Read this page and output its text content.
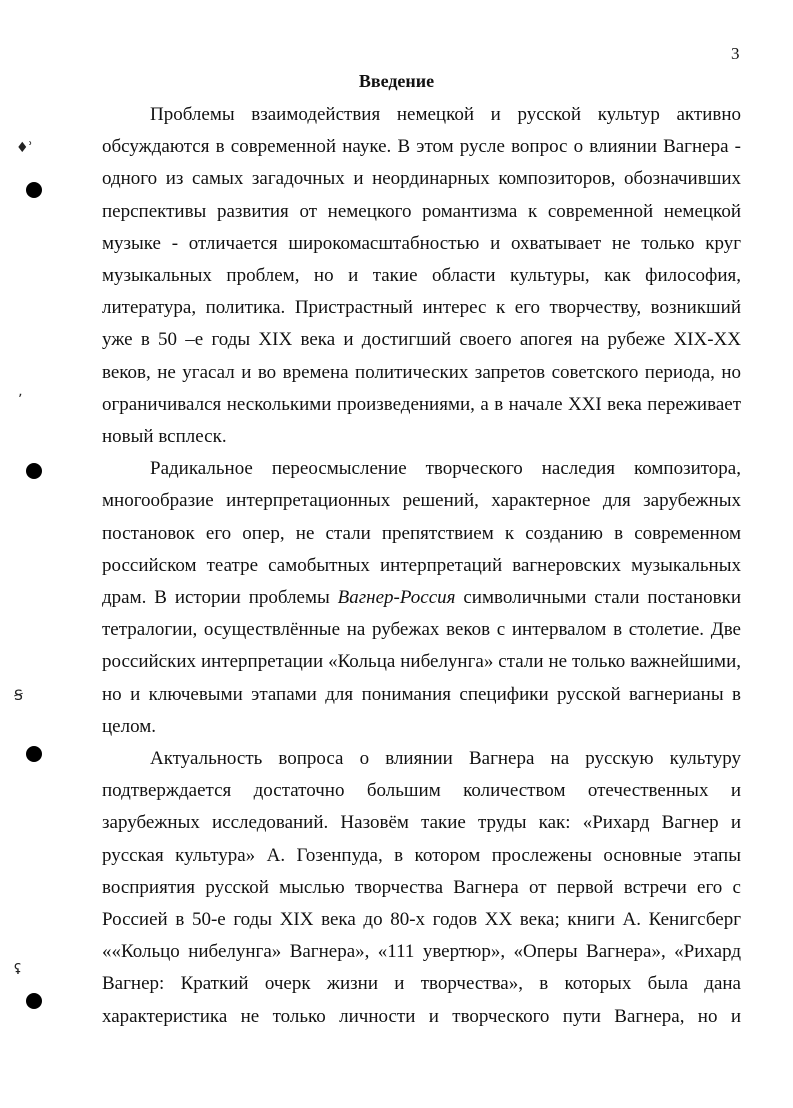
3
Введение
♦ʾ
ʼ
Ꞩ
ʢ

Проблемы взаимодействия немецкой и русской культур активно обсуждаются в современной науке. В этом русле вопрос о влиянии Вагнера - одного из самых загадочных и неординарных композиторов, обозначивших перспективы развития от немецкого романтизма к современной немецкой музыке - отличается широкомасштабностью и охватывает не только круг музыкальных проблем, но и такие области культуры, как философия, литература, политика. Пристрастный интерес к его творчеству, возникший уже в 50 –е годы XIX века и достигший своего апогея на рубеже XIX-XX веков, не угасал и во времена политических запретов советского периода, но ограничивался несколькими произведениями, а в начале XXI века переживает новый всплеск.

Радикальное переосмысление творческого наследия композитора, многообразие интерпретационных решений, характерное для зарубежных постановок его опер, не стали препятствием к созданию в современном российском театре самобытных интерпретаций вагнеровских музыкальных драм. В истории проблемы Вагнер-Россия символичными стали постановки тетралогии, осуществлённые на рубежах веков с интервалом в столетие. Две российских интерпретации «Кольца нибелунга» стали не только важнейшими, но и ключевыми этапами для понимания специфики русской вагнерианы в целом.

Актуальность вопроса о влиянии Вагнера на русскую культуру подтверждается достаточно большим количеством отечественных и зарубежных исследований. Назовём такие труды как: «Рихард Вагнер и русская культура» А. Гозенпуда, в котором прослежены основные этапы восприятия русской мыслью творчества Вагнера от первой встречи его с Россией в 50-е годы XIX века до 80-х годов XX века; книги А. Кенигсберг ««Кольцо нибелунга» Вагнера», «111 увертюр», «Оперы Вагнера», «Рихард Вагнер: Краткий очерк жизни и творчества», в которых была дана характеристика не только личности и творческого пути Вагнера, но и
